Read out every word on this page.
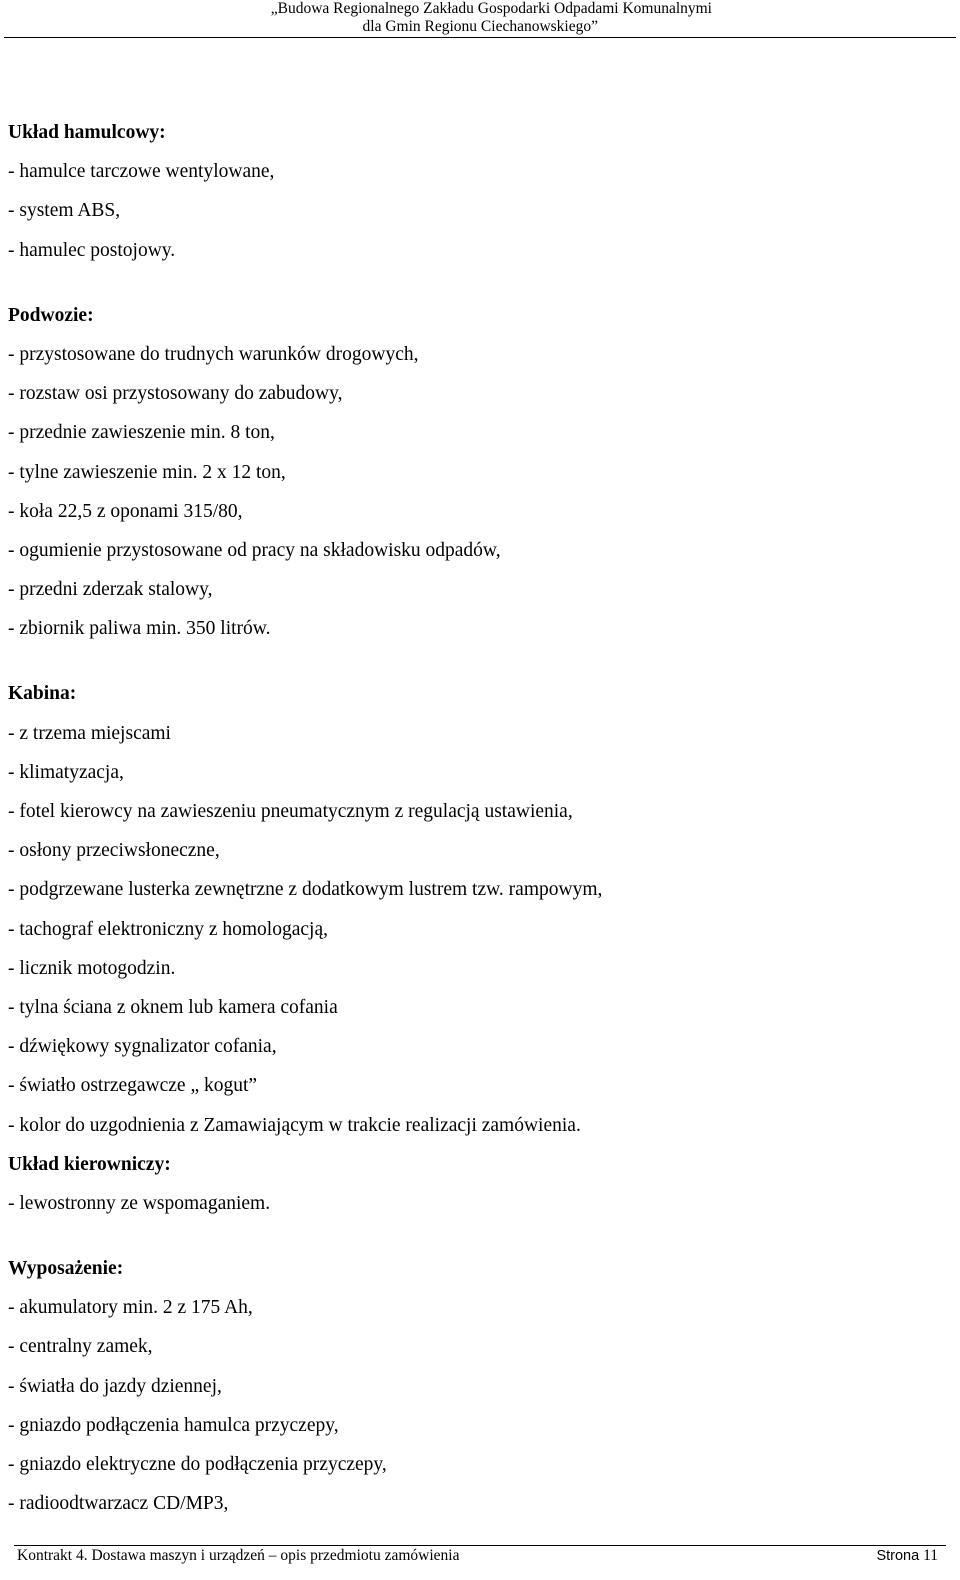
„Budowa Regionalnego Zakładu Gospodarki Odpadami Komunalnymi
dla Gmin Regionu Ciechanowskiego”
Układ hamulcowy:
- hamulce tarczowe wentylowane,
- system ABS,
- hamulec postojowy.
Podwozie:
- przystosowane do trudnych warunków drogowych,
- rozstaw osi przystosowany do zabudowy,
- przednie zawieszenie min. 8 ton,
- tylne zawieszenie min. 2 x 12 ton,
- koła 22,5 z oponami 315/80,
- ogumienie przystosowane od pracy na składowisku odpadów,
- przedni zderzak stalowy,
- zbiornik paliwa min. 350 litrów.
Kabina:
- z trzema miejscami
- klimatyzacja,
- fotel kierowcy na zawieszeniu pneumatycznym z regulacją ustawienia,
- osłony przeciwsłoneczne,
- podgrzewane lusterka zewnętrzne z dodatkowym lustrem tzw. rampowym,
- tachograf elektroniczny z homologacją,
- licznik motogodzin.
- tylna ściana z oknem lub kamera cofania
- dźwiękowy sygnalizator cofania,
- światło ostrzegawcze „ kogut”
- kolor do uzgodnienia z Zamawiającym w trakcie realizacji zamówienia.
Układ kierowniczy:
- lewostronny ze wspomaganiem.
Wyposażenie:
- akumulatory min. 2 z 175 Ah,
- centralny zamek,
- światła do jazdy dziennej,
- gniazdo podłączenia hamulca przyczepy,
- gniazdo elektryczne do podłączenia przyczepy,
- radioodtwarzacz CD/MP3,
Kontrakt 4. Dostawa maszyn i urządzeń – opis przedmiotu zamówienia	Strona 11
